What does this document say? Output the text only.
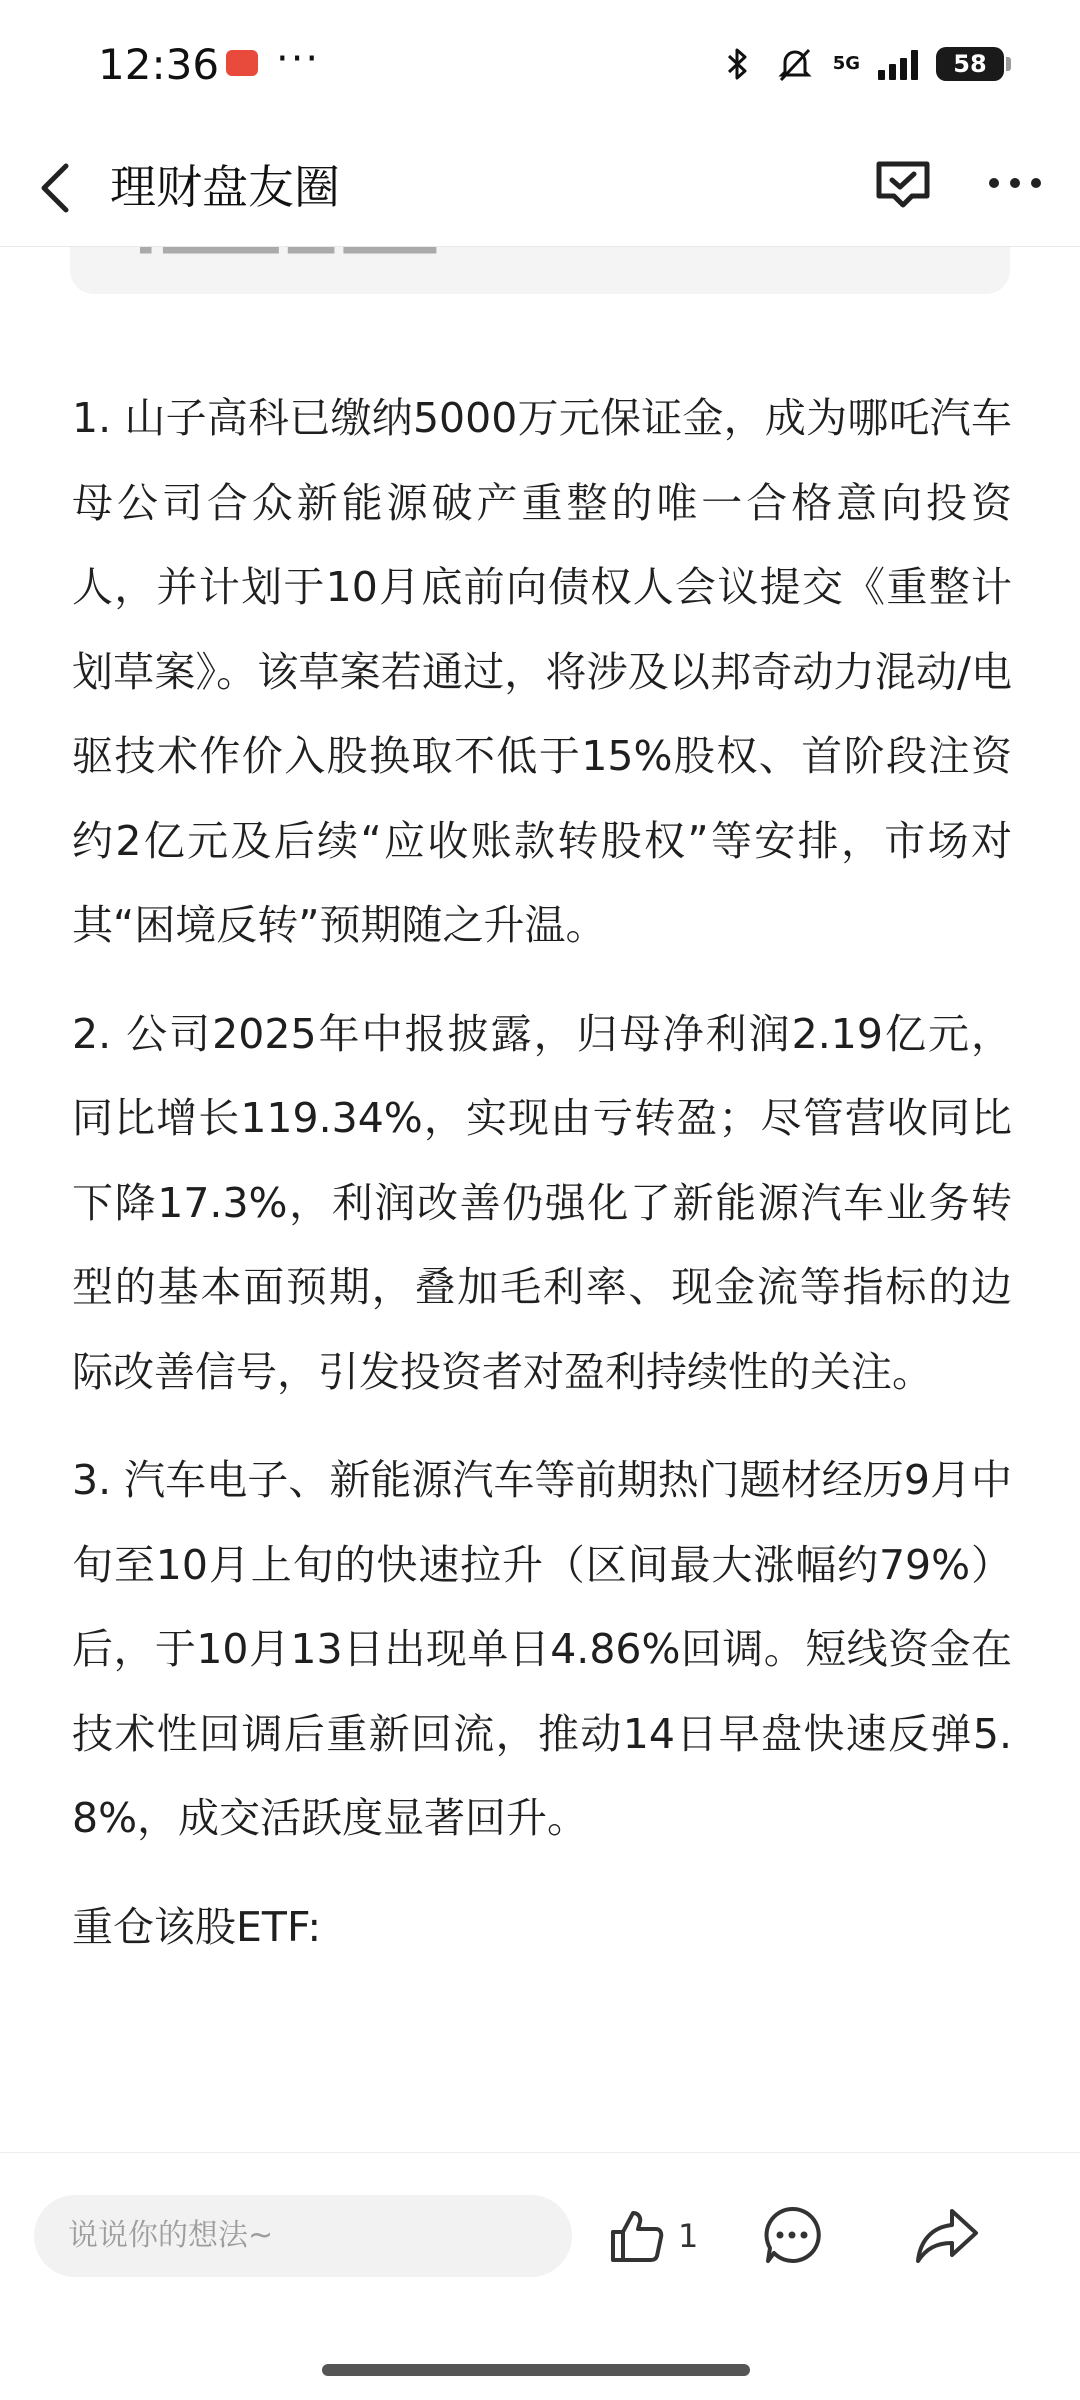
12:36 ···	5G	58
理财盘友圈

1. 山子高科已缴纳5000万元保证金，成为哪吒汽车母公司合众新能源破产重整的唯一合格意向投资人，并计划于10月底前向债权人会议提交《重整计划草案》。该草案若通过，将涉及以邦奇动力混动/电驱技术作价入股换取不低于15%股权、首阶段注资约2亿元及后续“应收账款转股权”等安排，市场对其“困境反转”预期随之升温。

2. 公司2025年中报披露，归母净利润2.19亿元，同比增长119.34%，实现由亏转盈；尽管营收同比下降17.3%，利润改善仍强化了新能源汽车业务转型的基本面预期，叠加毛利率、现金流等指标的边际改善信号，引发投资者对盈利持续性的关注。

3. 汽车电子、新能源汽车等前期热门题材经历9月中旬至10月上旬的快速拉升（区间最大涨幅约79%）后，于10月13日出现单日4.86%回调。短线资金在技术性回调后重新回流，推动14日早盘快速反弹5.8%，成交活跃度显著回升。

重仓该股ETF:

说说你的想法~	1
